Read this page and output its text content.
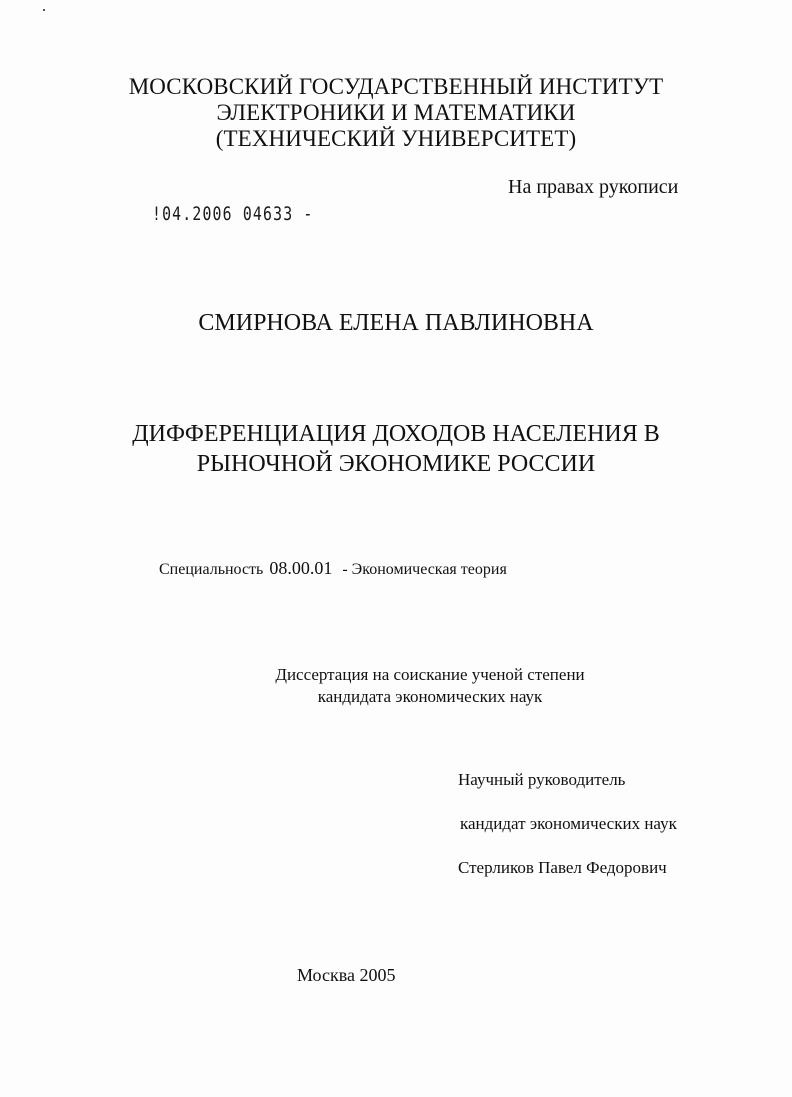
МОСКОВСКИЙ ГОСУДАРСТВЕННЫЙ ИНСТИТУТ
ЭЛЕКТРОНИКИ И МАТЕМАТИКИ
(ТЕХНИЧЕСКИЙ УНИВЕРСИТЕТ)
На правах рукописи
!04.2006 04633 -
СМИРНОВА ЕЛЕНА ПАВЛИНОВНА
ДИФФЕРЕНЦИАЦИЯ ДОХОДОВ НАСЕЛЕНИЯ В
РЫНОЧНОЙ ЭКОНОМИКЕ РОССИИ
Специальность 08.00.01 - Экономическая теория
Диссертация на соискание ученой степени
кандидата экономических наук
Научный руководитель
кандидат экономических наук
Стерликов Павел Федорович
Москва 2005
